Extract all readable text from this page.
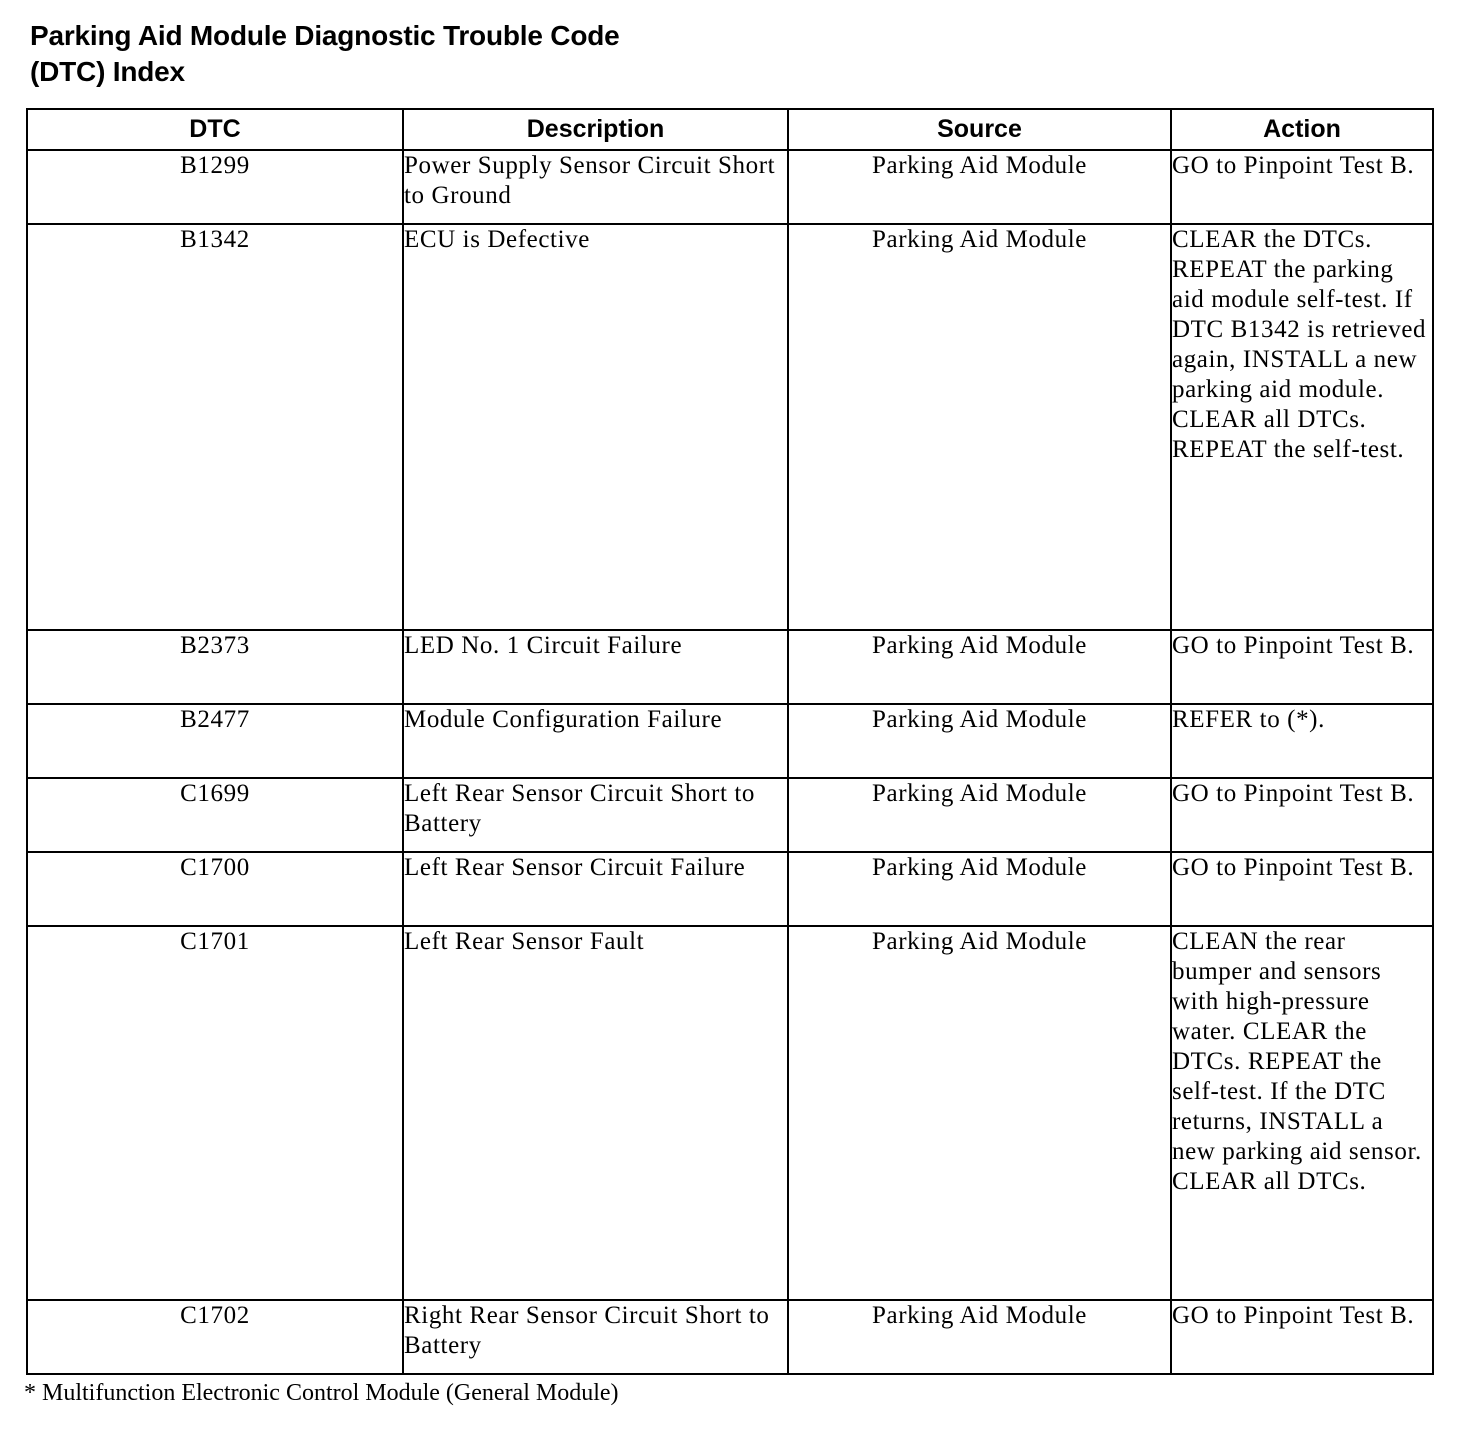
Parking Aid Module Diagnostic Trouble Code
(DTC) Index
DTC	Description	Source	Action
B1299	Power Supply Sensor Circuit Short to Ground	Parking Aid Module	GO to Pinpoint Test B.
B1342	ECU is Defective	Parking Aid Module	CLEAR the DTCs. REPEAT the parking aid module self-test. If DTC B1342 is retrieved again, INSTALL a new parking aid module. CLEAR all DTCs. REPEAT the self-test.
B2373	LED No. 1 Circuit Failure	Parking Aid Module	GO to Pinpoint Test B.
B2477	Module Configuration Failure	Parking Aid Module	REFER to (*).
C1699	Left Rear Sensor Circuit Short to Battery	Parking Aid Module	GO to Pinpoint Test B.
C1700	Left Rear Sensor Circuit Failure	Parking Aid Module	GO to Pinpoint Test B.
C1701	Left Rear Sensor Fault	Parking Aid Module	CLEAN the rear bumper and sensors with high-pressure water. CLEAR the DTCs. REPEAT the self-test. If the DTC returns, INSTALL a new parking aid sensor. CLEAR all DTCs.
C1702	Right Rear Sensor Circuit Short to Battery	Parking Aid Module	GO to Pinpoint Test B.
* Multifunction Electronic Control Module (General Module)
